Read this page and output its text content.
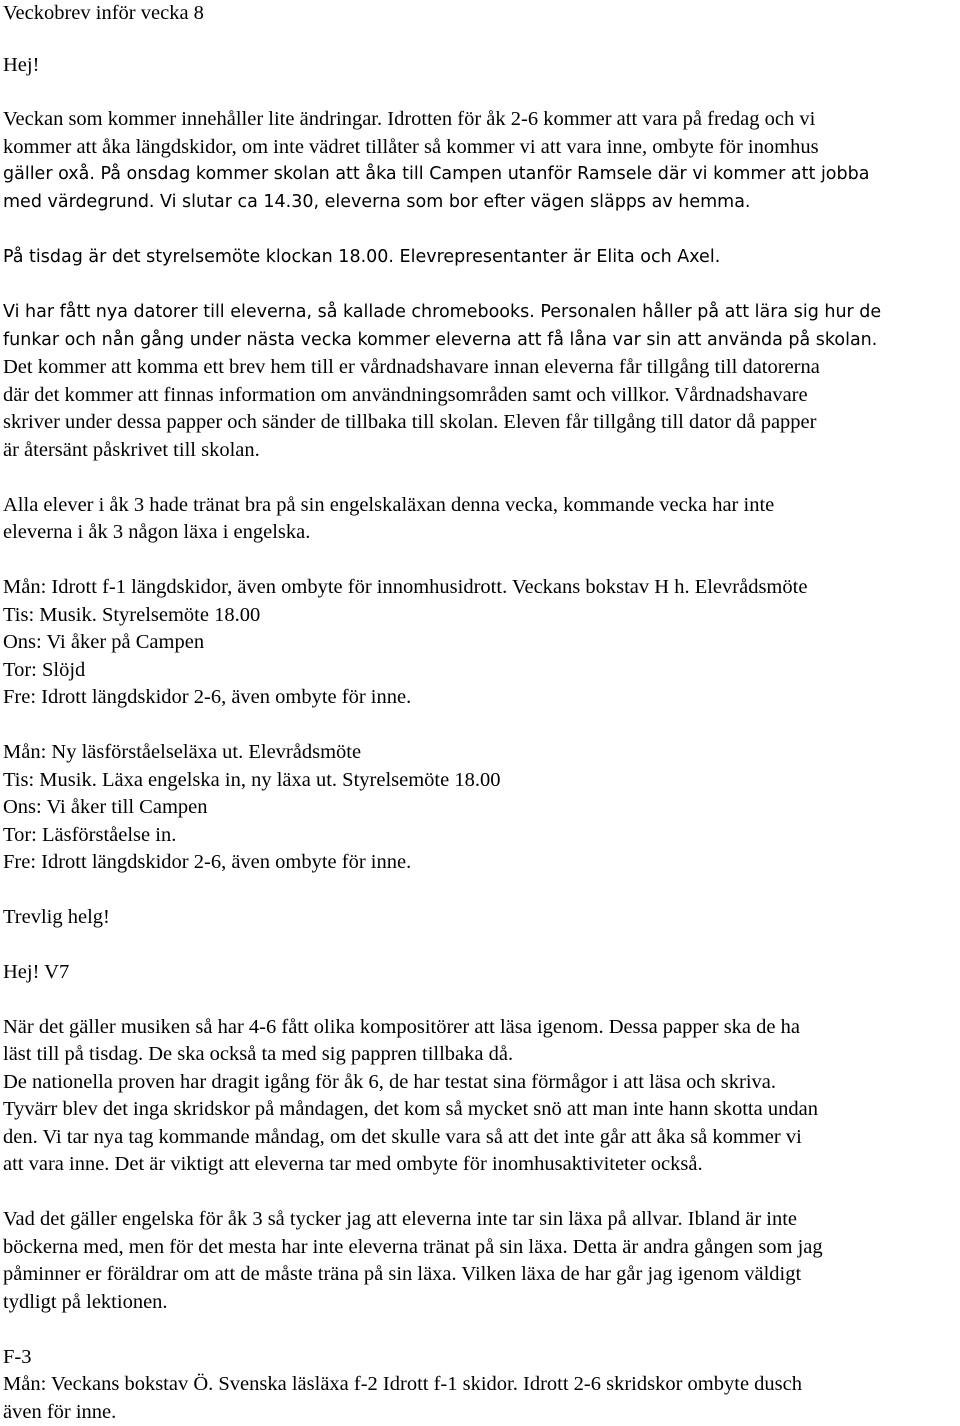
Veckobrev inför vecka 8
Hej!
Veckan som kommer innehåller lite ändringar. Idrotten för åk 2-6 kommer att vara på fredag och vi
kommer att åka längdskidor, om inte vädret tillåter så kommer vi att vara inne, ombyte för inomhus
gäller oxå. På onsdag kommer skolan att åka till Campen utanför Ramsele där vi kommer att jobba
med värdegrund. Vi slutar ca 14.30, eleverna som bor efter vägen släpps av hemma.
På tisdag är det styrelsemöte klockan 18.00. Elevrepresentanter är Elita och Axel.
Vi har fått nya datorer till eleverna, så kallade chromebooks. Personalen håller på att lära sig hur de
funkar och nån gång under nästa vecka kommer eleverna att få låna var sin att använda på skolan.
Det kommer att komma ett brev hem till er vårdnadshavare innan eleverna får tillgång till datorerna
där det kommer att finnas information om användningsområden samt och villkor. Vårdnadshavare
skriver under dessa papper och sänder de tillbaka till skolan. Eleven får tillgång till dator då papper
är återsänt påskrivet till skolan.
Alla elever i åk 3 hade tränat bra på sin engelskaläxan denna vecka, kommande vecka har inte
eleverna i åk 3 någon läxa i engelska.
Mån: Idrott f-1 längdskidor, även ombyte för innomhusidrott. Veckans bokstav H h. Elevrådsmöte
Tis: Musik. Styrelsemöte 18.00
Ons: Vi åker på Campen
Tor: Slöjd
Fre: Idrott längdskidor 2-6, även ombyte för inne.
Mån: Ny läsförståelseläxa ut. Elevrådsmöte
Tis: Musik. Läxa engelska in, ny läxa ut. Styrelsemöte 18.00
Ons: Vi åker till Campen
Tor: Läsförståelse in.
Fre: Idrott längdskidor 2-6, även ombyte för inne.
Trevlig helg!
Hej! V7
När det gäller musiken så har 4-6 fått olika kompositörer att läsa igenom. Dessa papper ska de ha
läst till på tisdag. De ska också ta med sig pappren tillbaka då.
De nationella proven har dragit igång för åk 6, de har testat sina förmågor i att läsa och skriva.
Tyvärr blev det inga skridskor på måndagen, det kom så mycket snö att man inte hann skotta undan
den. Vi tar nya tag kommande måndag, om det skulle vara så att det inte går att åka så kommer vi
att vara inne. Det är viktigt att eleverna tar med ombyte för inomhusaktiviteter också.
Vad det gäller engelska för åk 3 så tycker jag att eleverna inte tar sin läxa på allvar. Ibland är inte
böckerna med, men för det mesta har inte eleverna tränat på sin läxa. Detta är andra gången som jag
påminner er föräldrar om att de måste träna på sin läxa. Vilken läxa de har går jag igenom väldigt
tydligt på lektionen.
F-3
Mån: Veckans bokstav Ö. Svenska läsläxa f-2 Idrott f-1 skidor. Idrott 2-6 skridskor ombyte dusch
även för inne.
